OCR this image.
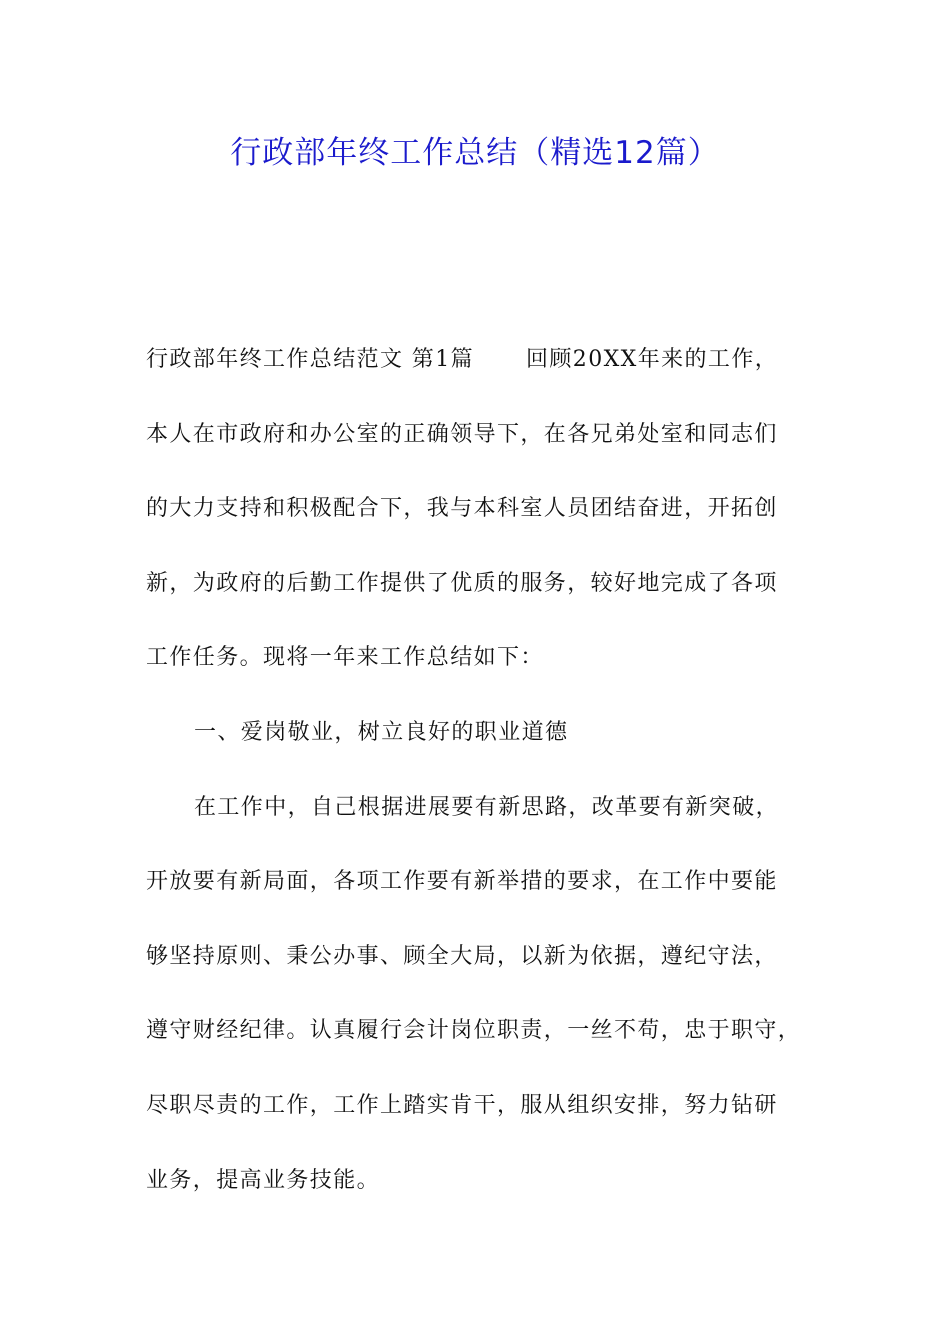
行政部年终工作总结（精选12篇）
行政部年终工作总结范文 第1篇 回顾20XX年来的工作，
本人在市政府和办公室的正确领导下，在各兄弟处室和同志们
的大力支持和积极配合下，我与本科室人员团结奋进，开拓创
新，为政府的后勤工作提供了优质的服务，较好地完成了各项
工作任务。现将一年来工作总结如下：
一、爱岗敬业，树立良好的职业道德
在工作中，自己根据进展要有新思路，改革要有新突破，
开放要有新局面，各项工作要有新举措的要求，在工作中要能
够坚持原则、秉公办事、顾全大局，以新为依据，遵纪守法，
遵守财经纪律。认真履行会计岗位职责，一丝不苟，忠于职守，
尽职尽责的工作，工作上踏实肯干，服从组织安排，努力钻研
业务，提高业务技能。
